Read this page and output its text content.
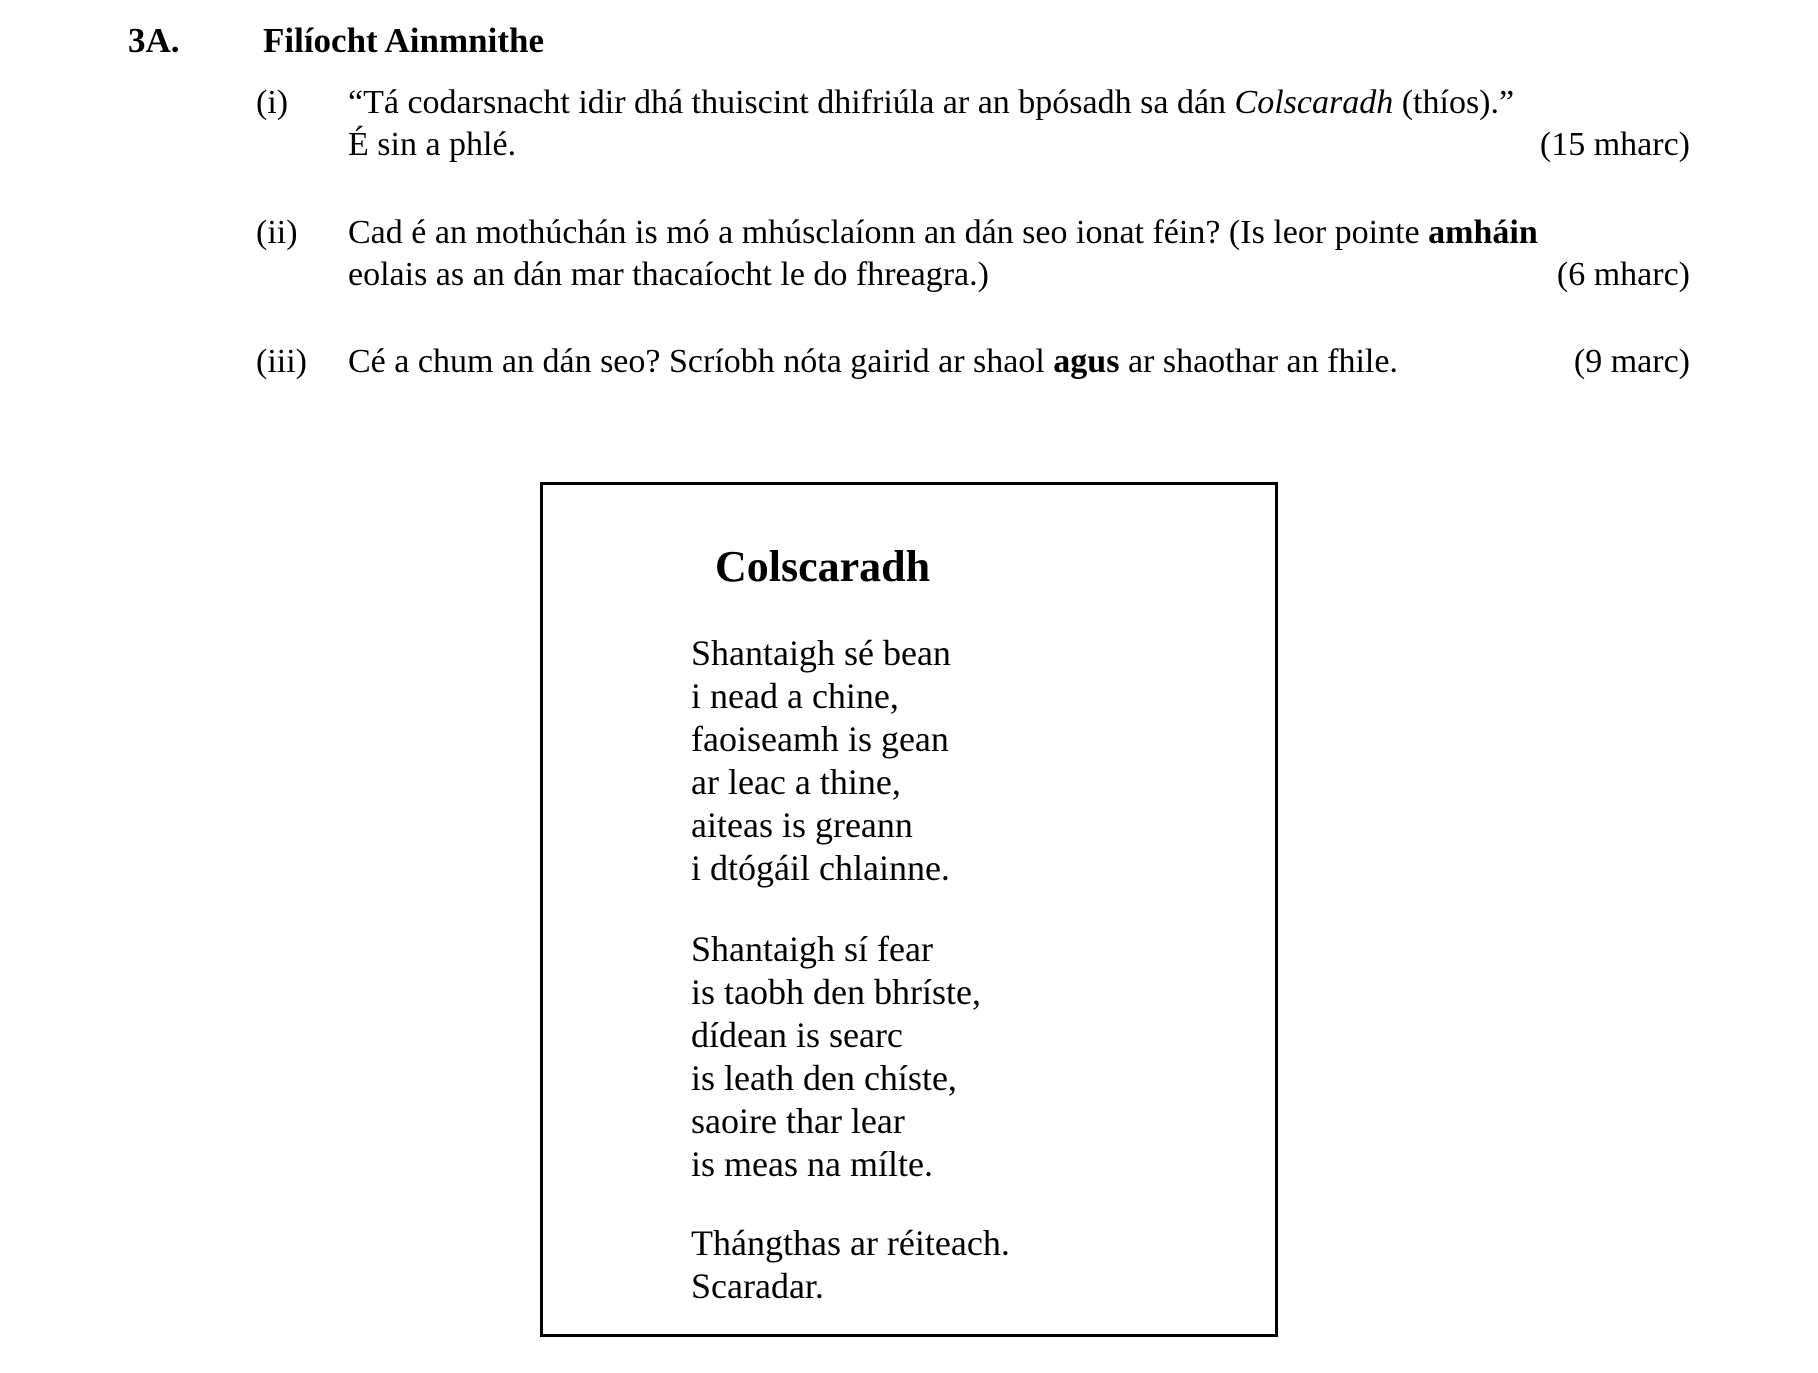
3A.	Filíocht Ainmnithe
(i)	“Tá codarsnacht idir dhá thuiscint dhifriúla ar an bpósadh sa dán Colscaradh (thíos).”
É sin a phlé.	(15 mharc)
(ii)	Cad é an mothúchán is mó a mhúsclaíonn an dán seo ionat féin? (Is leor pointe amháin
eolais as an dán mar thacaíocht le do fhreagra.)	(6 mharc)
(iii)	Cé a chum an dán seo? Scríobh nóta gairid ar shaol agus ar shaothar an fhile.	(9 marc)
Colscaradh
Shantaigh sé bean
i nead a chine,
faoiseamh is gean
ar leac a thine,
aiteas is greann
i dtógáil chlainne.
Shantaigh sí fear
is taobh den bhríste,
dídean is searc
is leath den chíste,
saoire thar lear
is meas na mílte.
Thángthas ar réiteach.
Scaradar.
